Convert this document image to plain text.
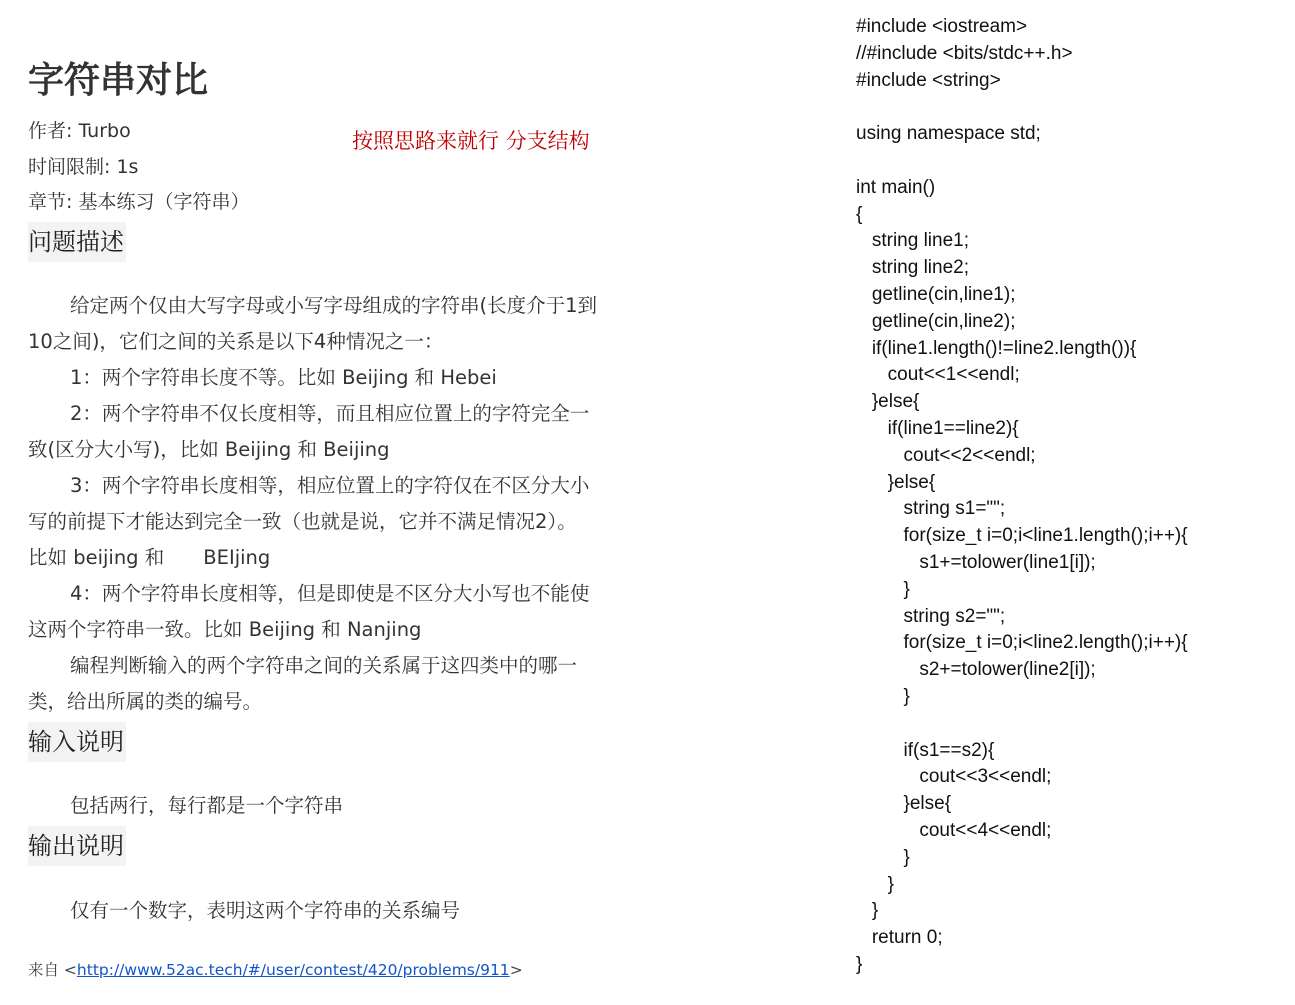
字符串对比
作者: Turbo
时间限制: 1s
章节: 基本练习（字符串）
按照思路来就行 分支结构
问题描述

给定两个仅由大写字母或小写字母组成的字符串(长度介于1到

10之间)，它们之间的关系是以下4种情况之一：

1：两个字符串长度不等。比如 Beijing 和 Hebei

2：两个字符串不仅长度相等，而且相应位置上的字符完全一

致(区分大小写)，比如 Beijing 和 Beijing

3：两个字符串长度相等，相应位置上的字符仅在不区分大小

写的前提下才能达到完全一致（也就是说，它并不满足情况2）。

比如 beijing 和　　BEIjing

4：两个字符串长度相等，但是即使是不区分大小写也不能使

这两个字符串一致。比如 Beijing 和 Nanjing

编程判断输入的两个字符串之间的关系属于这四类中的哪一

类，给出所属的类的编号。

输入说明
包括两行，每行都是一个字符串
输出说明
仅有一个数字，表明这两个字符串的关系编号
来自 <http://www.52ac.tech/#/user/contest/420/problems/911>
#include <iostream>
//#include <bits/stdc++.h>
#include <string>
using namespace std;
int main()
{
string line1;
string line2;
getline(cin,line1);
getline(cin,line2);
if(line1.length()!=line2.length()){
cout<<1<<endl;
}else{
if(line1==line2){
cout<<2<<endl;
}else{
string s1="";
for(size_t i=0;i<line1.length();i++){
s1+=tolower(line1[i]);
}
string s2="";
for(size_t i=0;i<line2.length();i++){
s2+=tolower(line2[i]);
}
if(s1==s2){
cout<<3<<endl;
}else{
cout<<4<<endl;
}
}
}
return 0;
}
